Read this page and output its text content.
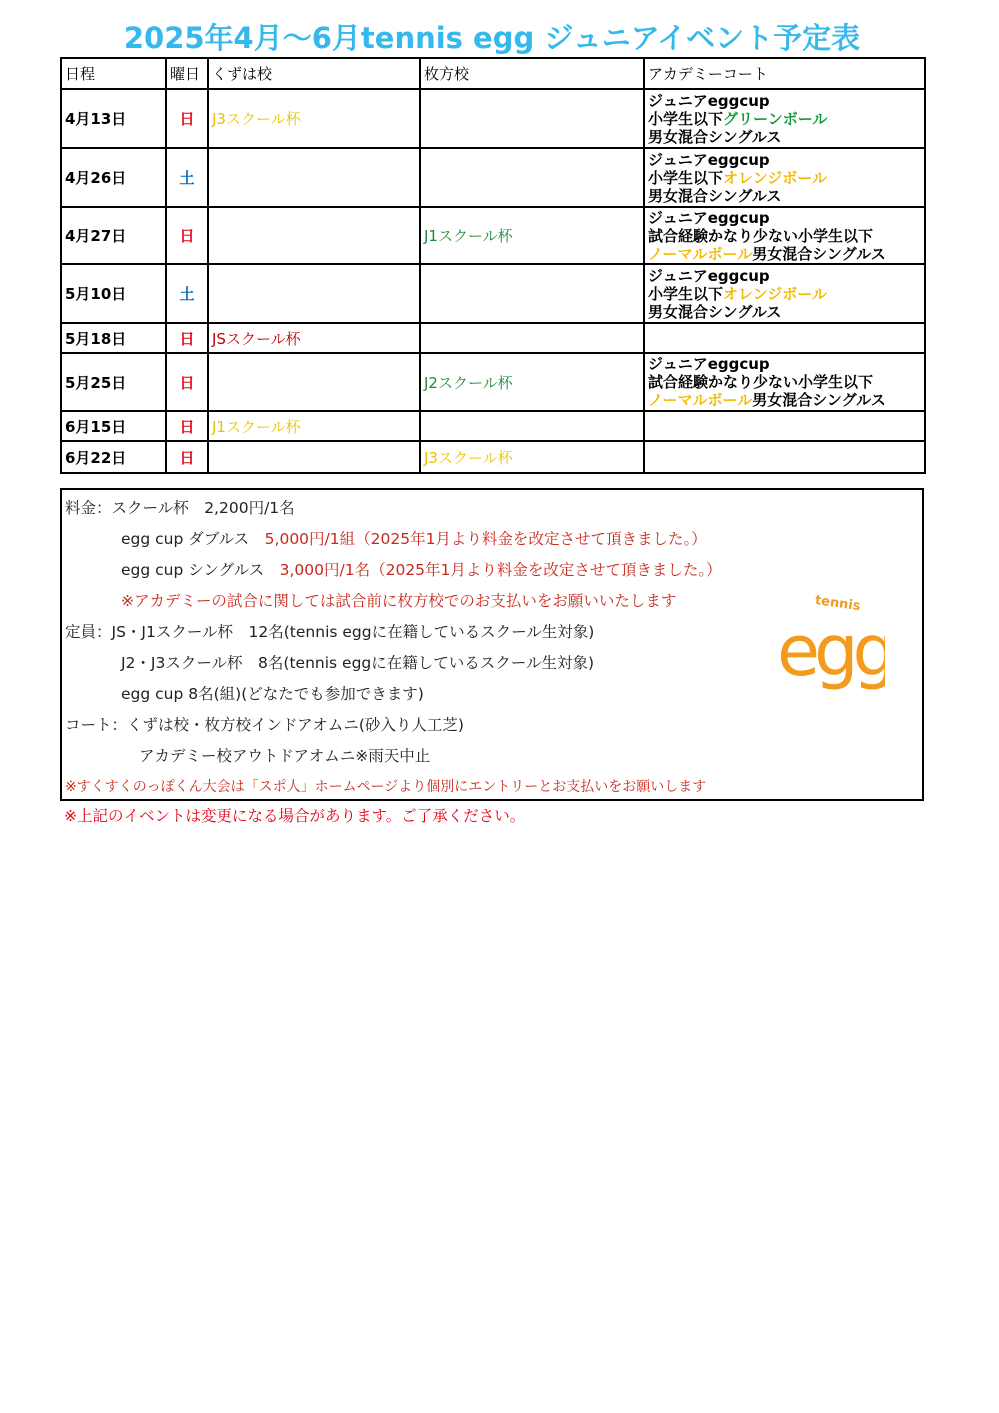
2025年4月～6月tennis egg ジュニアイベント予定表
日程	曜日	くずは校	枚方校	アカデミーコート
4月13日	日	J3スクール杯		ジュニアeggcup
小学生以下グリーンボール
男女混合シングルス

4月26日	土			ジュニアeggcup
小学生以下オレンジボール
男女混合シングルス

4月27日	日		J1スクール杯	ジュニアeggcup
試合経験かなり少ない小学生以下
ノーマルボール男女混合シングルス

5月10日	土			ジュニアeggcup
小学生以下オレンジボール
男女混合シングルス

5月18日	日	JSスクール杯		
5月25日	日		J2スクール杯	ジュニアeggcup
試合経験かなり少ない小学生以下
ノーマルボール男女混合シングルス

6月15日	日	J1スクール杯		
6月22日	日		J3スクール杯	
料金：スクール杯　2,200円/1名
egg cup ダブルス　5,000円/1組（2025年1月より料金を改定させて頂きました。）
egg cup シングルス　3,000円/1名（2025年1月より料金を改定させて頂きました。）
※アカデミーの試合に関しては試合前に枚方校でのお支払いをお願いいたします
定員：JS・J1スクール杯　12名(tennis eggに在籍しているスクール生対象)
J2・J3スクール杯　8名(tennis eggに在籍しているスクール生対象)
egg cup 8名(組)(どなたでも参加できます)
コート：くずは校・枚方校インドアオムニ(砂入り人工芝)
アカデミー校アウトドアオムニ※雨天中止
※すくすくのっぽくん大会は「スポ人」ホームページより個別にエントリーとお支払いをお願いします
tennis
egg
※上記のイベントは変更になる場合があります。ご了承ください。
